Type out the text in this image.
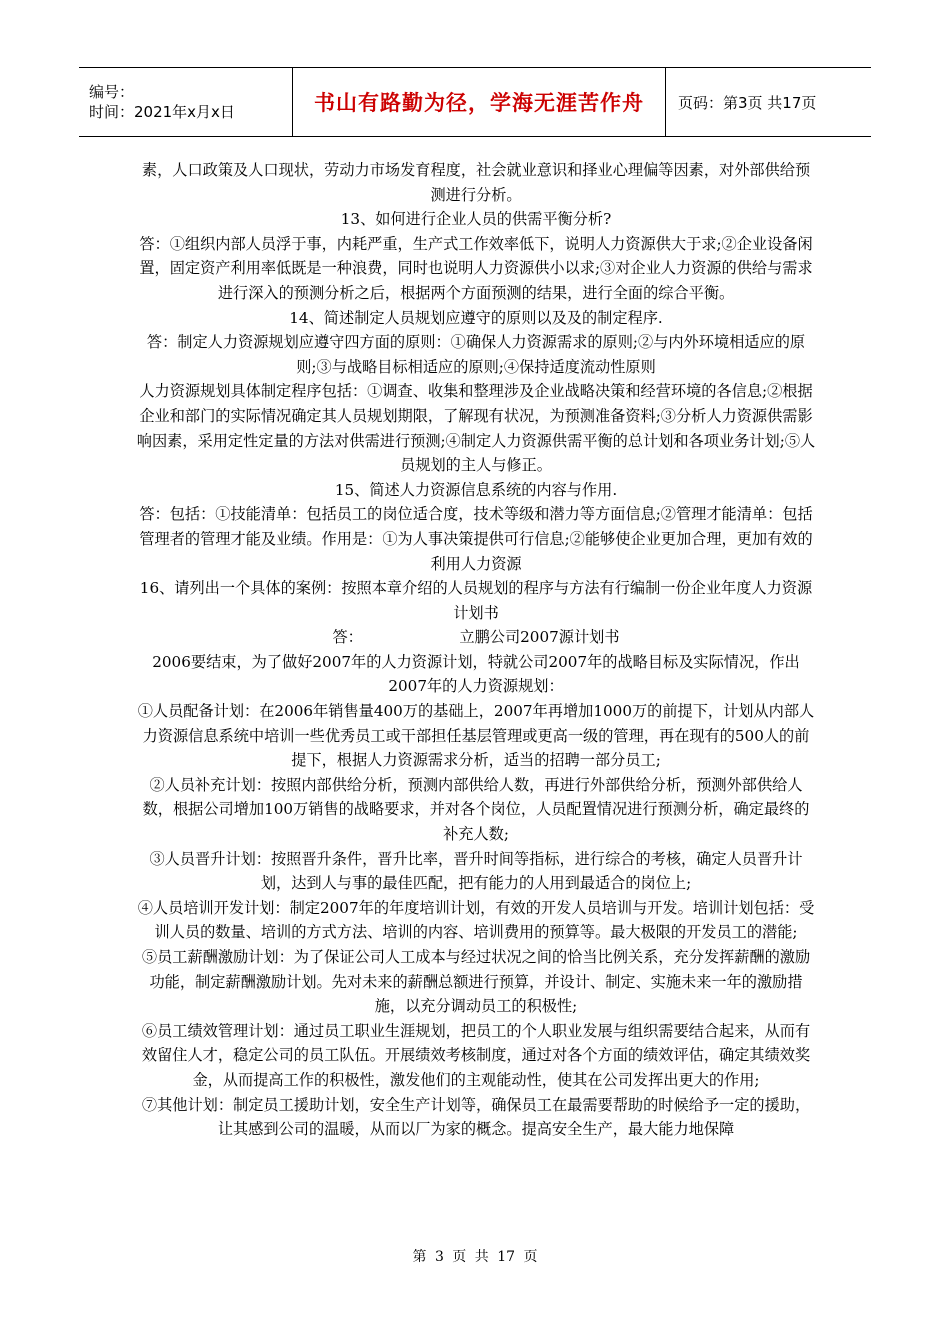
编号：
时间：2021年x月x日	书山有路勤为径，学海无涯苦作舟	页码：第3页 共17页

素，人口政策及人口现状，劳动力市场发育程度，社会就业意识和择业心理偏等因素，对外部供给预测进行分析。

13、如何进行企业人员的供需平衡分析?

答：①组织内部人员浮于事，内耗严重，生产式工作效率低下，说明人力资源供大于求;②企业设备闲置，固定资产利用率低既是一种浪费，同时也说明人力资源供小以求;③对企业人力资源的供给与需求进行深入的预测分析之后，根据两个方面预测的结果，进行全面的综合平衡。

14、简述制定人员规划应遵守的原则以及及的制定程序.

答：制定人力资源规划应遵守四方面的原则：①确保人力资源需求的原则;②与内外环境相适应的原则;③与战略目标相适应的原则;④保持适度流动性原则

人力资源规划具体制定程序包括：①调查、收集和整理涉及企业战略决策和经营环境的各信息;②根据企业和部门的实际情况确定其人员规划期限，了解现有状况，为预测准备资料;③分析人力资源供需影响因素，采用定性定量的方法对供需进行预测;④制定人力资源供需平衡的总计划和各项业务计划;⑤人员规划的主人与修正。

15、简述人力资源信息系统的内容与作用.

答：包括：①技能清单：包括员工的岗位适合度，技术等级和潜力等方面信息;②管理才能清单：包括管理者的管理才能及业绩。作用是：①为人事决策提供可行信息;②能够使企业更加合理，更加有效的利用人力资源

16、请列出一个具体的案例：按照本章介绍的人员规划的程序与方法有行编制一份企业年度人力资源计划书

答：                    立鹏公司2007源计划书

2006要结束，为了做好2007年的人力资源计划，特就公司2007年的战略目标及实际情况，作出2007年的人力资源规划：

①人员配备计划：在2006年销售量400万的基础上，2007年再增加1000万的前提下，计划从内部人力资源信息系统中培训一些优秀员工或干部担任基层管理或更高一级的管理，再在现有的500人的前提下，根据人力资源需求分析，适当的招聘一部分员工;

②人员补充计划：按照内部供给分析，预测内部供给人数，再进行外部供给分析，预测外部供给人数，根据公司增加100万销售的战略要求，并对各个岗位，人员配置情况进行预测分析，确定最终的补充人数;

③人员晋升计划：按照晋升条件，晋升比率，晋升时间等指标，进行综合的考核，确定人员晋升计划，达到人与事的最佳匹配，把有能力的人用到最适合的岗位上;

④人员培训开发计划：制定2007年的年度培训计划，有效的开发人员培训与开发。培训计划包括：受训人员的数量、培训的方式方法、培训的内容、培训费用的预算等。最大极限的开发员工的潜能;

⑤员工薪酬激励计划：为了保证公司人工成本与经过状况之间的恰当比例关系，充分发挥薪酬的激励功能，制定薪酬激励计划。先对未来的薪酬总额进行预算，并设计、制定、实施未来一年的激励措施，以充分调动员工的积极性;

⑥员工绩效管理计划：通过员工职业生涯规划，把员工的个人职业发展与组织需要结合起来，从而有效留住人才，稳定公司的员工队伍。开展绩效考核制度，通过对各个方面的绩效评估，确定其绩效奖金，从而提高工作的积极性，激发他们的主观能动性，使其在公司发挥出更大的作用;

⑦其他计划：制定员工援助计划，安全生产计划等，确保员工在最需要帮助的时候给予一定的援助，让其感到公司的温暖，从而以厂为家的概念。提高安全生产，最大能力地保障

第 3 页 共 17 页
